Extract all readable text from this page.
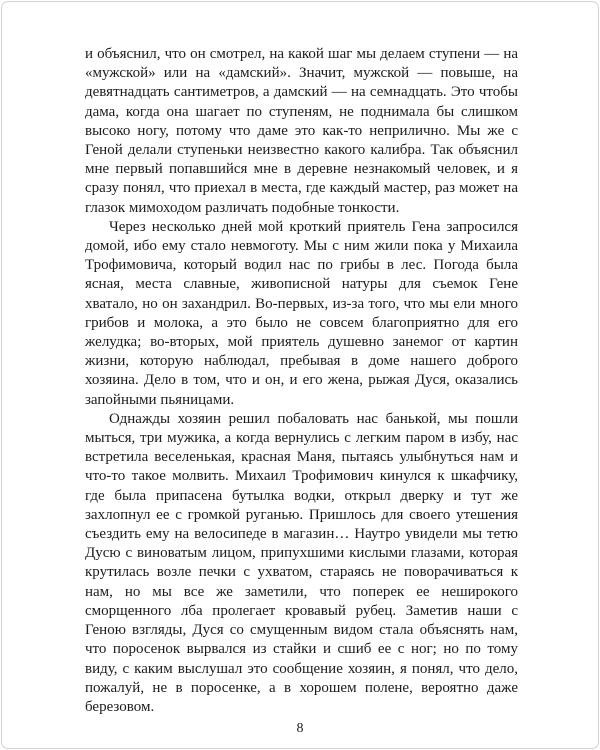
и объяснил, что он смотрел, на какой шаг мы делаем ступени — на «мужской» или на «дамский». Значит, мужской — повыше, на девятнадцать сантиметров, а дамский — на семнадцать. Это чтобы дама, когда она шагает по ступеням, не поднимала бы слишком высоко ногу, потому что даме это как-то неприлично. Мы же с Геной делали ступеньки неизвестно какого калибра. Так объяснил мне первый попавшийся мне в деревне незнакомый человек, и я сразу понял, что приехал в места, где каждый мастер, раз может на глазок мимоходом различать подобные тонкости.

Через несколько дней мой кроткий приятель Гена запросился домой, ибо ему стало невмоготу. Мы с ним жили пока у Михаила Трофимовича, который водил нас по грибы в лес. Погода была ясная, места славные, живописной натуры для съемок Гене хватало, но он захандрил. Во-первых, из-за того, что мы ели много грибов и молока, а это было не совсем благоприятно для его желудка; во-вторых, мой приятель душевно занемог от картин жизни, которую наблюдал, пребывая в доме нашего доброго хозяина. Дело в том, что и он, и его жена, рыжая Дуся, оказались запойными пьяницами.

Однажды хозяин решил побаловать нас банькой, мы пошли мыться, три мужика, а когда вернулись с легким паром в избу, нас встретила веселенькая, красная Маня, пытаясь улыбнуться нам и что-то такое молвить. Михаил Трофимович кинулся к шкафчику, где была припасена бутылка водки, открыл дверку и тут же захлопнул ее с громкой руганью. Пришлось для своего утешения съездить ему на велосипеде в магазин… Наутро увидели мы тетю Дусю с виноватым лицом, припухшими кислыми глазами, которая крутилась возле печки с ухватом, стараясь не поворачиваться к нам, но мы все же заметили, что поперек ее неширокого сморщенного лба пролегает кровавый рубец. Заметив наши с Геною взгляды, Дуся со смущенным видом стала объяснять нам, что поросенок вырвался из стайки и сшиб ее с ног; но по тому виду, с каким выслушал это сообщение хозяин, я понял, что дело, пожалуй, не в поросенке, а в хорошем полене, вероятно даже березовом.

8
